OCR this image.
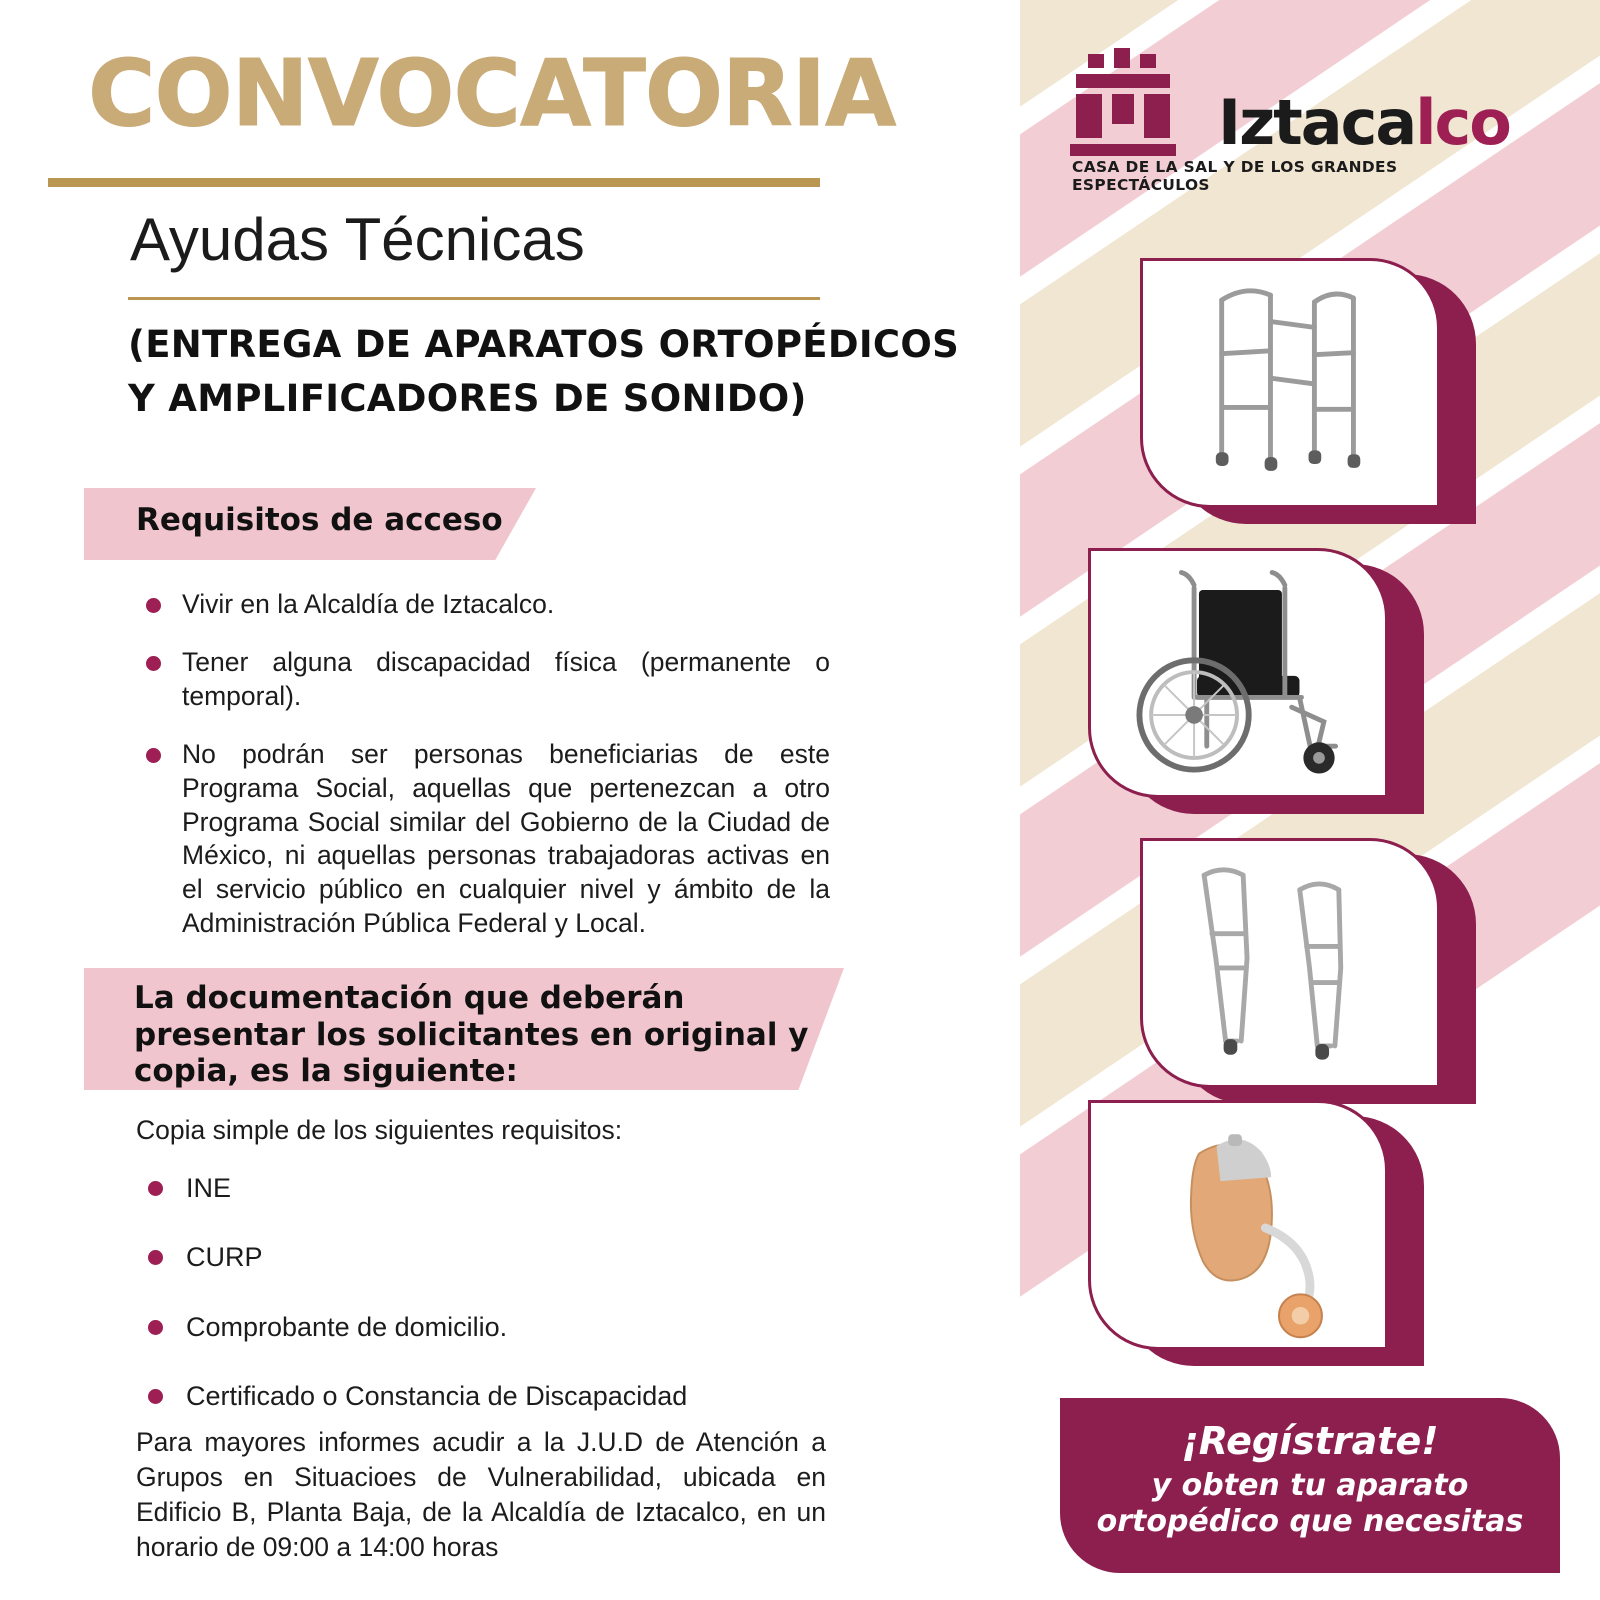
CONVOCATORIA
Ayudas Técnicas
(ENTREGA DE APARATOS ORTOPÉDICOS
Y AMPLIFICADORES DE SONIDO)
Requisitos de acceso
Vivir en la Alcaldía de Iztacalco.
Tener alguna discapacidad física (permanente o temporal).
No podrán ser personas beneficiarias de este Programa Social, aquellas que pertenezcan a otro Programa Social similar del Gobierno de la Ciudad de México, ni aquellas personas trabajadoras activas en el servicio público en cualquier nivel y ámbito de la Administración Pública Federal y Local.
La documentación que deberán presentar los solicitantes en original y copia, es la siguiente:
Copia simple de los siguientes requisitos:
INE
CURP
Comprobante de domicilio.
Certificado o Constancia de Discapacidad
Para mayores informes acudir a la J.U.D de Atención a Grupos en Situacioes de Vulnerabilidad, ubicada en Edificio B, Planta Baja, de la Alcaldía de Iztacalco, en un horario de 09:00 a 14:00 horas
Iztacalco
CASA DE LA SAL Y DE LOS GRANDES ESPECTÁCULOS
¡Regístrate!
y obten tu aparato ortopédico que necesitas
